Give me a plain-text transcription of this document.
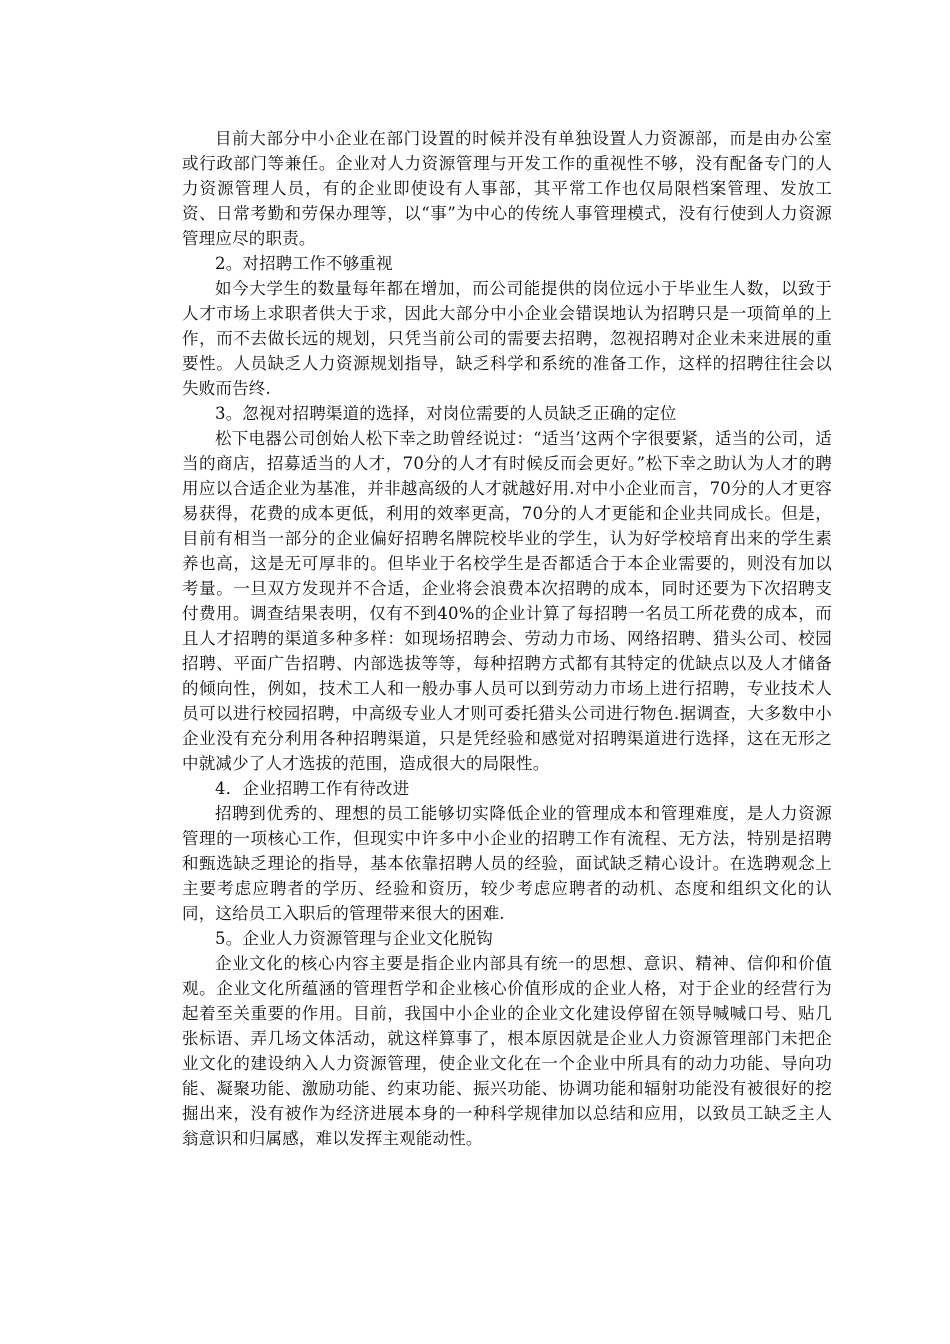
目前大部分中小企业在部门设置的时候并没有单独设置人力资源部，而是由办公室或行政部门等兼任。企业对人力资源管理与开发工作的重视性不够，没有配备专门的人力资源管理人员，有的企业即使设有人事部，其平常工作也仅局限档案管理、发放工资、日常考勤和劳保办理等，以“事”为中心的传统人事管理模式，没有行使到人力资源管理应尽的职责。

2。对招聘工作不够重视

如今大学生的数量每年都在增加，而公司能提供的岗位远小于毕业生人数，以致于人才市场上求职者供大于求，因此大部分中小企业会错误地认为招聘只是一项简单的上作，而不去做长远的规划，只凭当前公司的需要去招聘，忽视招聘对企业未来进展的重要性。人员缺乏人力资源规划指导，缺乏科学和系统的准备工作，这样的招聘往往会以失败而告终.

3。忽视对招聘渠道的选择，对岗位需要的人员缺乏正确的定位

松下电器公司创始人松下幸之助曾经说过：“适当’这两个字很要紧，适当的公司，适当的商店，招募适当的人才，70分的人才有时候反而会更好。”松下幸之助认为人才的聘用应以合适企业为基准，并非越高级的人才就越好用.对中小企业而言，70分的人才更容易获得，花费的成本更低，利用的效率更高，70分的人才更能和企业共同成长。但是，目前有相当一部分的企业偏好招聘名牌院校毕业的学生，认为好学校培育出来的学生素养也高，这是无可厚非的。但毕业于名校学生是否都适合于本企业需要的，则没有加以考量。一旦双方发现并不合适，企业将会浪费本次招聘的成本，同时还要为下次招聘支付费用。调查结果表明，仅有不到40%的企业计算了每招聘一名员工所花费的成本，而且人才招聘的渠道多种多样：如现场招聘会、劳动力市场、网络招聘、猎头公司、校园招聘、平面广告招聘、内部选拔等等，每种招聘方式都有其特定的优缺点以及人才储备的倾向性，例如，技术工人和一般办事人员可以到劳动力市场上进行招聘，专业技术人员可以进行校园招聘，中高级专业人才则可委托猎头公司进行物色.据调查，大多数中小企业没有充分利用各种招聘渠道，只是凭经验和感觉对招聘渠道进行选择，这在无形之中就减少了人才选拔的范围，造成很大的局限性。

4．企业招聘工作有待改进

招聘到优秀的、理想的员工能够切实降低企业的管理成本和管理难度，是人力资源管理的一项核心工作，但现实中许多中小企业的招聘工作有流程、无方法，特别是招聘和甄选缺乏理论的指导，基本依靠招聘人员的经验，面试缺乏精心设计。在选聘观念上主要考虑应聘者的学历、经验和资历，较少考虑应聘者的动机、态度和组织文化的认同，这给员工入职后的管理带来很大的困难.

5。企业人力资源管理与企业文化脱钩

企业文化的核心内容主要是指企业内部具有统一的思想、意识、精神、信仰和价值观。企业文化所蕴涵的管理哲学和企业核心价值形成的企业人格，对于企业的经营行为起着至关重要的作用。目前，我国中小企业的企业文化建设停留在领导喊喊口号、贴几张标语、弄几场文体活动，就这样算事了，根本原因就是企业人力资源管理部门未把企业文化的建设纳入人力资源管理，使企业文化在一个企业中所具有的动力功能、导向功能、凝聚功能、激励功能、约束功能、振兴功能、协调功能和辐射功能没有被很好的挖掘出来，没有被作为经济进展本身的一种科学规律加以总结和应用，以致员工缺乏主人翁意识和归属感，难以发挥主观能动性。
